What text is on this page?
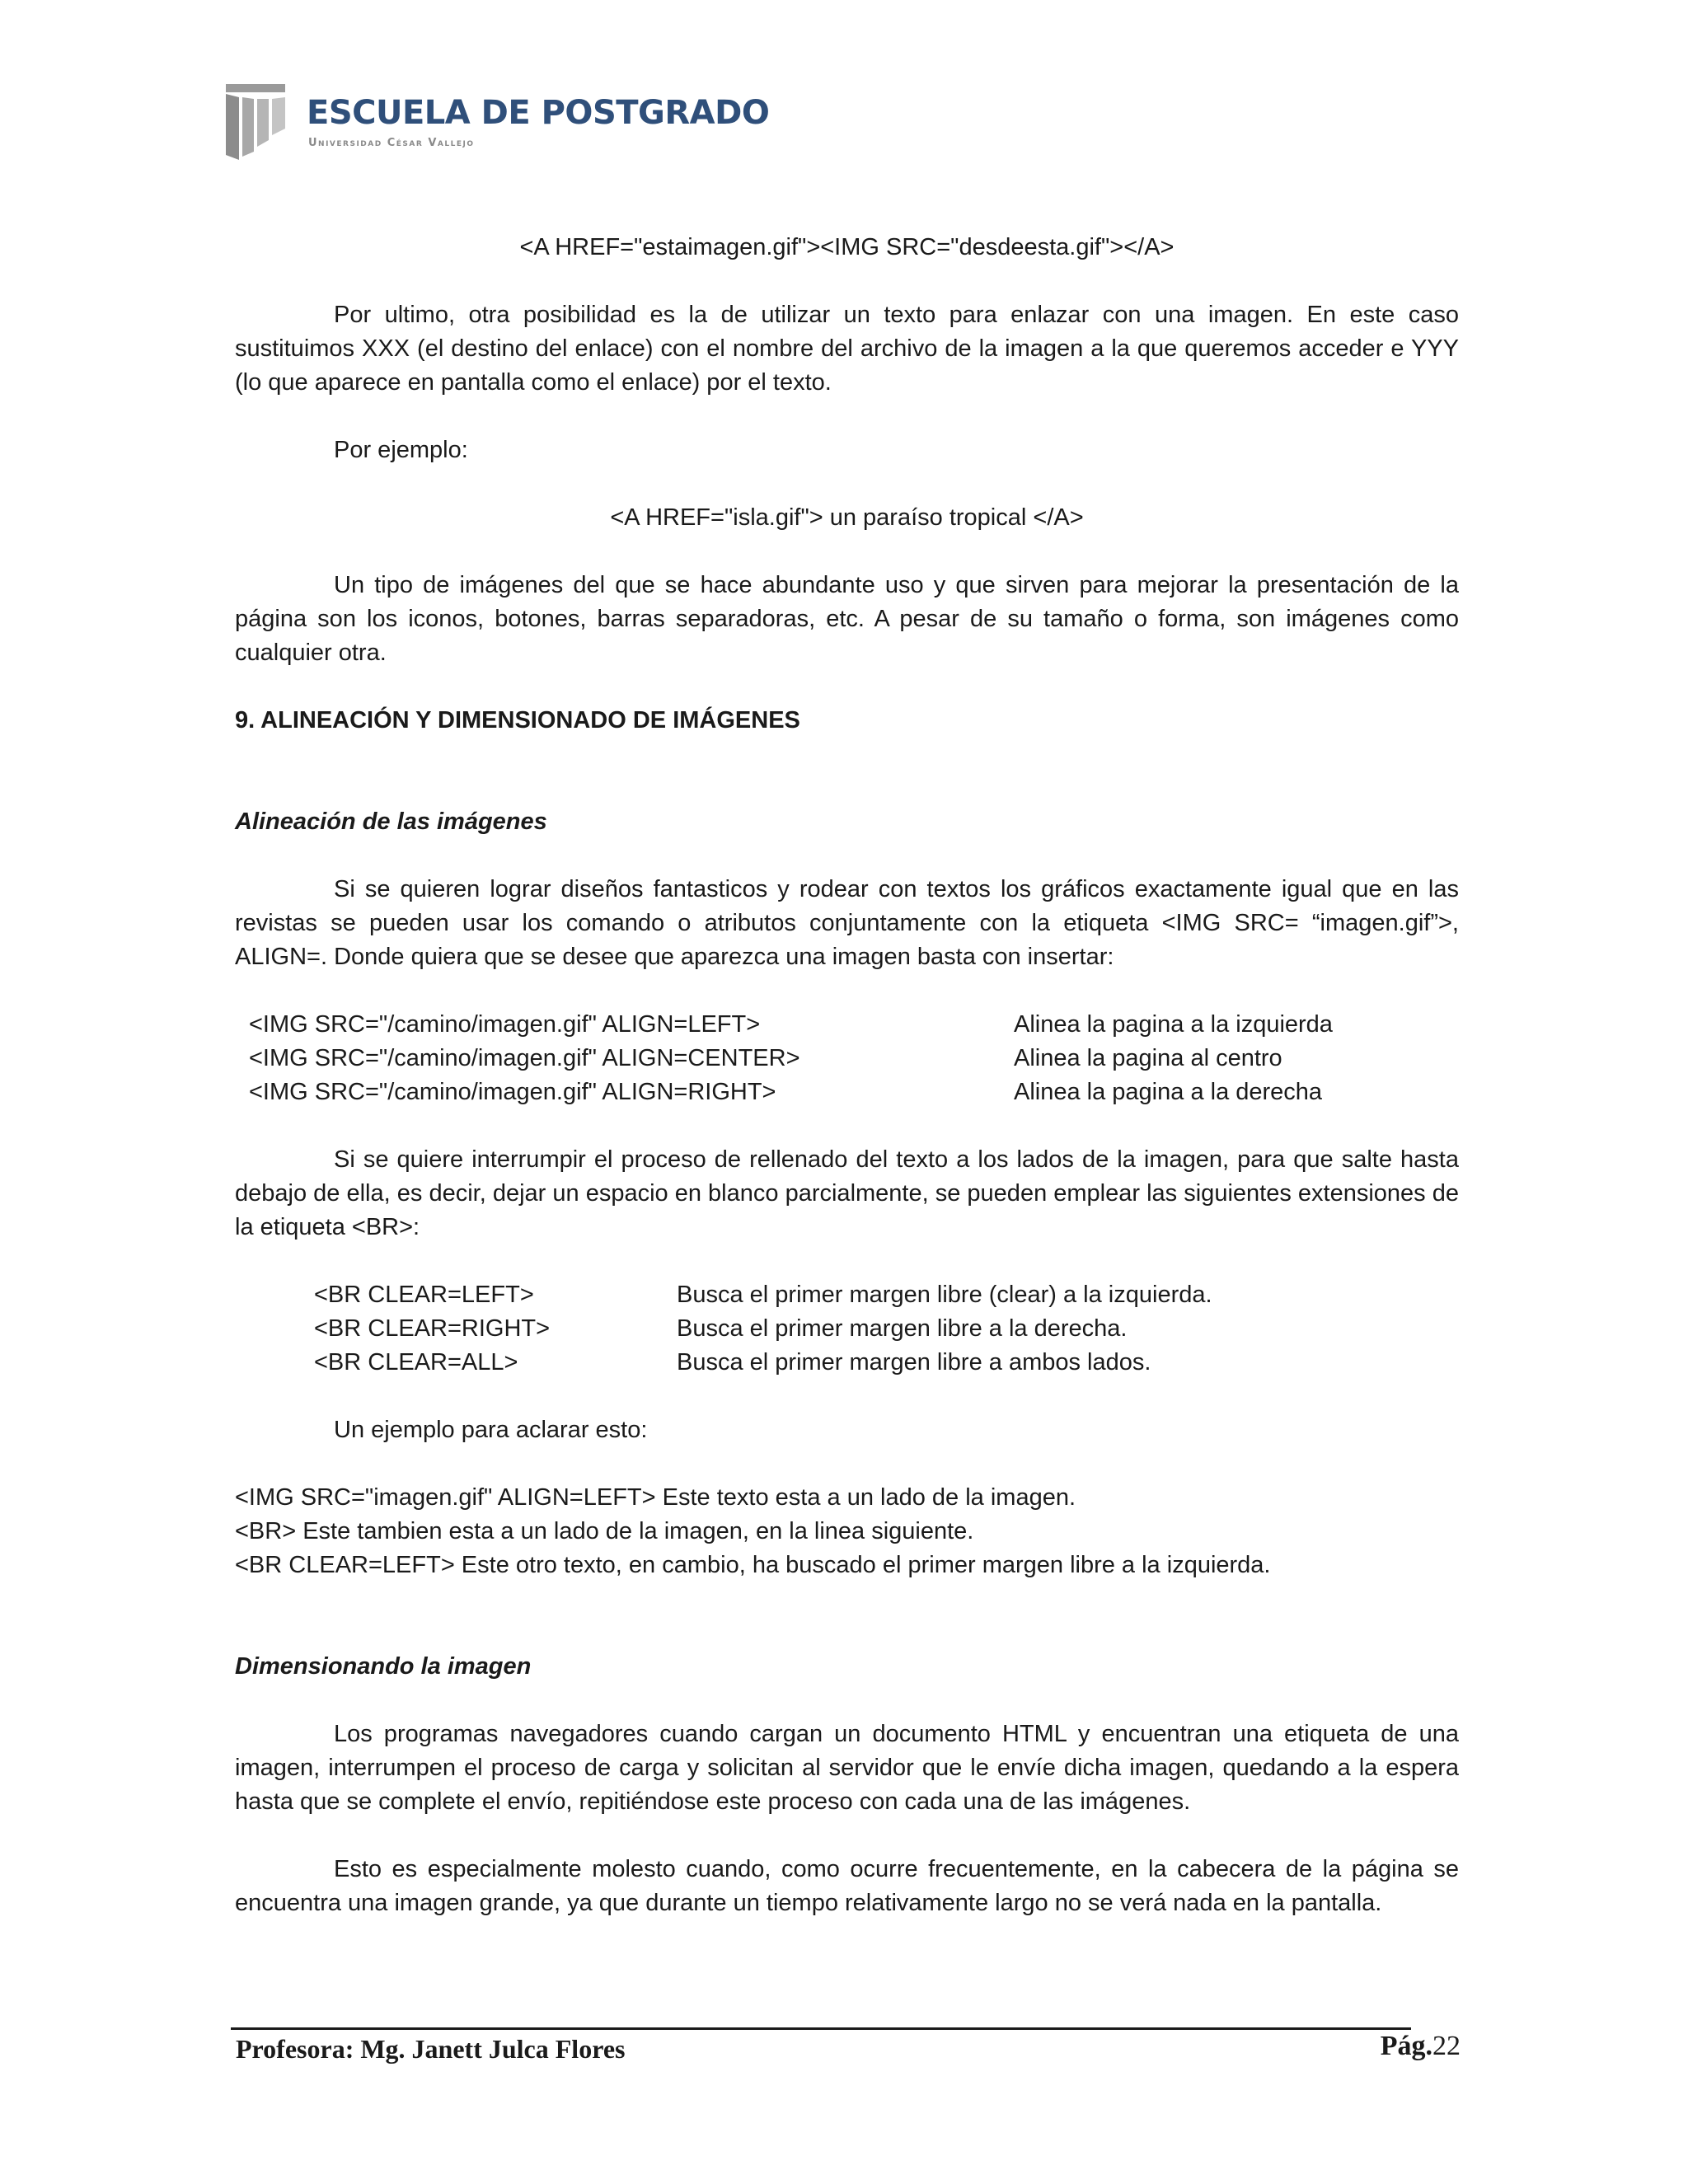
ESCUELA DE POSTGRADO
Universidad César Vallejo
<A HREF="estaimagen.gif"><IMG SRC="desdeesta.gif"></A>

Por ultimo, otra posibilidad es la de utilizar un texto para enlazar con una imagen. En este caso sustituimos XXX (el destino del enlace) con el nombre del archivo de la imagen a la que queremos acceder e YYY (lo que aparece en pantalla como el enlace) por el texto.

Por ejemplo:

<A HREF="isla.gif"> un paraíso tropical </A>

Un tipo de imágenes del que se hace abundante uso y que sirven para mejorar la presentación de la página son los iconos, botones, barras separadoras, etc. A pesar de su tamaño o forma, son imágenes como cualquier otra.

9. ALINEACIÓN Y DIMENSIONADO DE IMÁGENES

Alineación de las imágenes

Si se quieren lograr diseños fantasticos y rodear con textos los gráficos exactamente igual que en las revistas se pueden usar los comando o atributos conjuntamente con la etiqueta <IMG SRC= “imagen.gif”>, ALIGN=. Donde quiera que se desee que aparezca una imagen basta con insertar:

<IMG SRC="/camino/imagen.gif" ALIGN=LEFT>	Alinea la pagina a la izquierda
<IMG SRC="/camino/imagen.gif" ALIGN=CENTER>	Alinea la pagina al centro
<IMG SRC="/camino/imagen.gif" ALIGN=RIGHT>	Alinea la pagina a la derecha

Si se quiere interrumpir el proceso de rellenado del texto a los lados de la imagen, para que salte hasta debajo de ella, es decir, dejar un espacio en blanco parcialmente, se pueden emplear las siguientes extensiones de la etiqueta <BR>:

<BR CLEAR=LEFT>	Busca el primer margen libre (clear) a la izquierda.
<BR CLEAR=RIGHT>	Busca el primer margen libre a la derecha.
<BR CLEAR=ALL>	Busca el primer margen libre a ambos lados.

Un ejemplo para aclarar esto:

<IMG SRC="imagen.gif" ALIGN=LEFT> Este texto esta a un lado de la imagen.

<BR> Este tambien esta a un lado de la imagen, en la linea siguiente.

<BR CLEAR=LEFT> Este otro texto, en cambio, ha buscado el primer margen libre a la izquierda.

Dimensionando la imagen

Los programas navegadores cuando cargan un documento HTML y encuentran una etiqueta de una imagen, interrumpen el proceso de carga y solicitan al servidor que le envíe dicha imagen, quedando a la espera hasta que se complete el envío, repitiéndose este proceso con cada una de las imágenes.

Esto es especialmente molesto cuando, como ocurre frecuentemente, en la cabecera de la página se encuentra una imagen grande, ya que durante un tiempo relativamente largo no se verá nada en la pantalla.

Profesora: Mg. Janett Julca Flores	Pág.22
